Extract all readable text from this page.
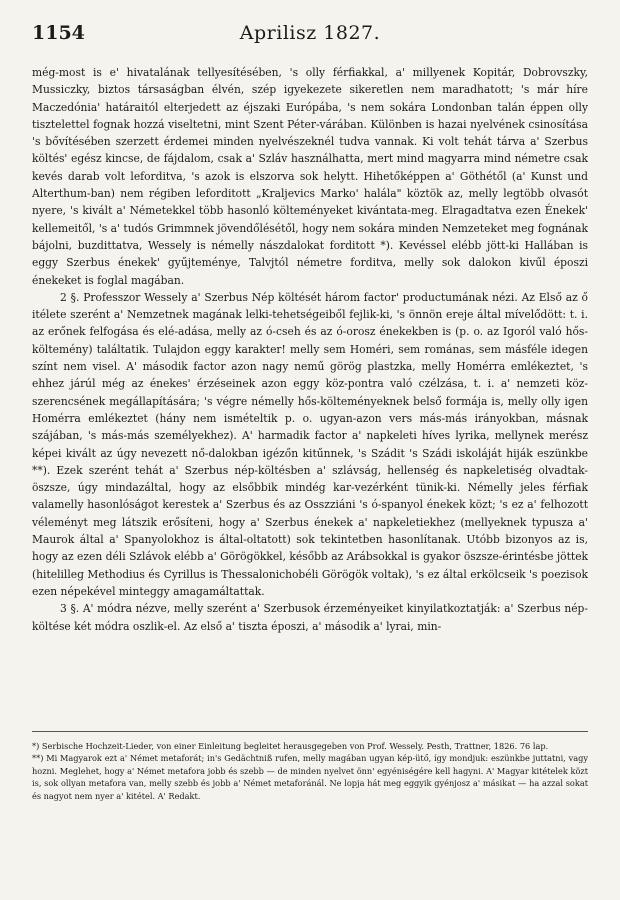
1154	Aprilisz 1827.

még-most is e' hivatalának tellyesítésében, 's olly férfiakkal, a' millyenek Kopitár, Dobrovszky, Mussiczky, biztos társaságban élvén, szép igyekezete sikeretlen nem maradhatott; 's már híre Maczedónia' határaitól elterjedett az éjszaki Európába, 's nem sokára Londonban talán éppen olly tisztelettel fognak hozzá viseltetni, mint Szent Péter-várában. Különben is hazai nyelvének csinosítása 's bővítésében szerzett érdemei minden nyelvészeknél tudva vannak. Ki volt tehát tárva a' Szerbus költés' egész kincse, de fájdalom, csak a' Szláv használhatta, mert mind magyarra mind németre csak kevés darab volt leforditva, 's azok is elszorva sok helytt. Hihetőképpen a' Göthétől (a' Kunst und Alterthum-ban) nem régiben leforditott „Kraljevics Marko' halála" köztök az, melly legtöbb olvasót nyere, 's kivált a' Németekkel több hasonló költeményeket kivántata-meg. Elragadtatva ezen Énekek' kellemeitől, 's a' tudós Grimmnek jövendőlésétől, hogy nem sokára minden Nemzeteket meg fognának bájolni, buzdittatva, Wessely is némelly nászdalokat forditott *). Kevéssel elébb jött-ki Hallában is eggy Szerbus énekek' gyűjteménye, Talvjtól németre forditva, melly sok dalokon kivűl époszi énekeket is foglal magában.

2 §. Professzor Wessely a' Szerbus Nép költését három factor' productumának nézi. Az Első az ő itélete szerént a' Nemzetnek magának lelki-tehetségeiből fejlik-ki, 's önnön ereje által mívelődött: t. i. az erőnek felfogása és elé-adása, melly az ó-cseh és az ó-orosz énekekben is (p. o. az Igoról való hős-költemény) találtatik. Tulajdon eggy karakter! melly sem Homéri, sem románas, sem másféle idegen színt nem visel. A' második factor azon nagy nemű görög plastzka, melly Homérra emlékeztet, 's ehhez járúl még az énekes' érzéseinek azon eggy köz-pontra való czélzása, t. i. a' nemzeti köz-szerencsének megállapítására; 's végre némelly hős-költeményeknek belső formája is, melly olly igen Homérra emlékeztet (hány nem ismételtik p. o. ugyan-azon vers más-más irányokban, másnak szájában, 's más-más személyekhez). A' harmadik factor a' napkeleti híves lyrika, mellynek merész képei kivált az úgy nevezett nő-dalokban igézőn kitűnnek, 's Szádit 's Szádi iskoláját hiják eszünkbe **). Ezek szerént tehát a' Szerbus nép-költésben a' szlávság, hellenség és napkeletiség olvadtak-öszsze, úgy mindazáltal, hogy az elsőbbik mindég kar-vezérként tünik-ki. Némelly jeles férfiak valamelly hasonlóságot kerestek a' Szerbus és az Osszziáni 's ó-spanyol énekek közt; 's ez a' felhozott véleményt meg látszik erősíteni, hogy a' Szerbus énekek a' napkeletiekhez (mellyeknek typusza a' Maurok által a' Spanyolokhoz is által-oltatott) sok tekintetben hasonlítanak. Utóbb bizonyos az is, hogy az ezen déli Szlávok elébb a' Görögökkel, később az Arábsokkal is gyakor öszsze-érintésbe jöttek (hitelilleg Methodius és Cyrillus is Thessalonichobéli Görögök voltak), 's ez által erkölcseik 's poezisok ezen népekével minteggy amagamáltattak.

3 §. A' módra nézve, melly szerént a' Szerbusok érzeményeiket kinyilatkoztatják: a' Szerbus nép-költése két módra oszlik-el. Az első a' tiszta époszi, a' második a' lyrai, min-

*) Serbische Hochzeit-Lieder, von einer Einleitung begleitet herausgegeben von Prof. Wessely. Pesth, Trattner, 1826. 76 lap.

**) Mi Magyarok ezt a' Német metaforát; in's Gedächtniß rufen, melly magában ugyan kép-ütő, így mondjuk: eszünkbe juttatni, vagy hozni. Meglehet, hogy a' Német metafora jobb és szebb — de minden nyelvet önn' egyéniségére kell hagyni. A' Magyar kitételek közt is, sok ollyan metafora van, melly szebb és jobb a' Német metaforánál. Ne lopja hát meg eggyik gyénjosz a' másikat — ha azzal sokat és nagyot nem nyer a' kitétel. A' Redakt.
